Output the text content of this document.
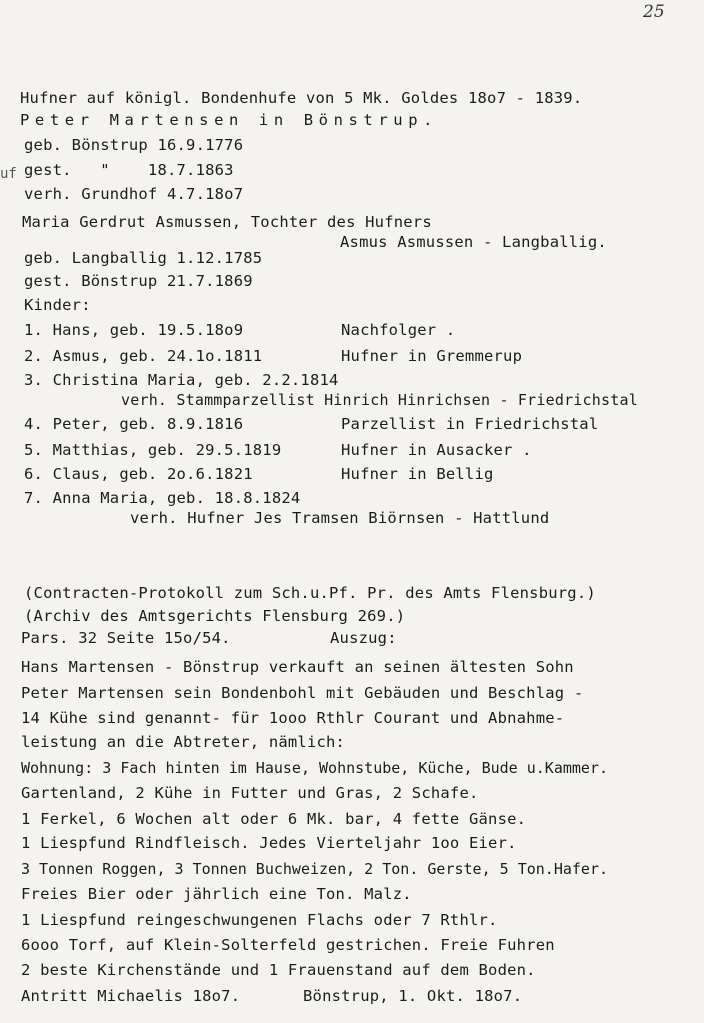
25
uf
Hufner auf königl. Bondenhufe von 5 Mk. Goldes 18o7 - 1839.
Peter Martensen in Bönstrup.
geb. Bönstrup 16.9.1776
gest.   "    18.7.1863
verh. Grundhof 4.7.18o7
Maria Gerdrut Asmussen, Tochter des Hufners
Asmus Asmussen - Langballig.
geb. Langballig 1.12.1785
gest. Bönstrup 21.7.1869
Kinder:
1. Hans, geb. 19.5.18o9	Nachfolger .
2. Asmus, geb. 24.1o.1811	Hufner in Gremmerup
3. Christina Maria, geb. 2.2.1814
verh. Stammparzellist Hinrich Hinrichsen - Friedrichstal
4. Peter, geb. 8.9.1816	Parzellist in Friedrichstal
5. Matthias, geb. 29.5.1819	Hufner in Ausacker .
6. Claus, geb. 2o.6.1821	Hufner in Bellig
7. Anna Maria, geb. 18.8.1824
verh. Hufner Jes Tramsen Biörnsen - Hattlund
(Contracten-Protokoll zum Sch.u.Pf. Pr. des Amts Flensburg.)
(Archiv des Amtsgerichts Flensburg 269.)
Pars. 32 Seite 15o/54.	Auszug:
Hans Martensen - Bönstrup verkauft an seinen ältesten Sohn
Peter Martensen sein Bondenbohl mit Gebäuden und Beschlag -
14 Kühe sind genannt- für 1ooo Rthlr Courant und Abnahme-
leistung an die Abtreter, nämlich:
Wohnung: 3 Fach hinten im Hause, Wohnstube, Küche, Bude u.Kammer.
Gartenland, 2 Kühe in Futter und Gras, 2 Schafe.
1 Ferkel, 6 Wochen alt oder 6 Mk. bar, 4 fette Gänse.
1 Liespfund Rindfleisch. Jedes Vierteljahr 1oo Eier.
3 Tonnen Roggen, 3 Tonnen Buchweizen, 2 Ton. Gerste, 5 Ton.Hafer.
Freies Bier oder jährlich eine Ton. Malz.
1 Liespfund reingeschwungenen Flachs oder 7 Rthlr.
6ooo Torf, auf Klein-Solterfeld gestrichen. Freie Fuhren
2 beste Kirchenstände und 1 Frauenstand auf dem Boden.
Antritt Michaelis 18o7.	Bönstrup, 1. Okt. 18o7.
